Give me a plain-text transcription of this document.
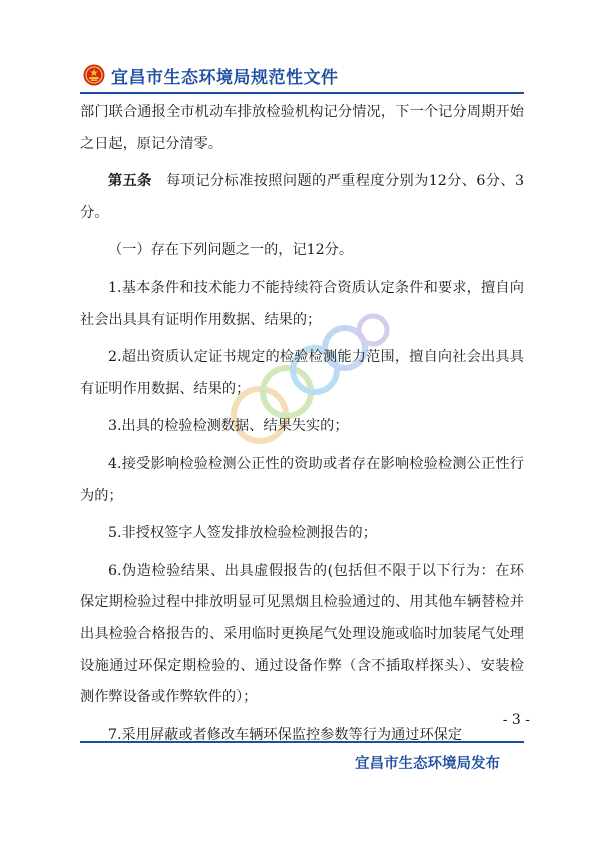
宜昌市生态环境局规范性文件

部门联合通报全市机动车排放检验机构记分情况，下一个记分周期开始之日起，原记分清零。

第五条 每项记分标准按照问题的严重程度分别为12分、6分、3分。

（一）存在下列问题之一的，记12分。

1.基本条件和技术能力不能持续符合资质认定条件和要求，擅自向社会出具具有证明作用数据、结果的；

2.超出资质认定证书规定的检验检测能力范围，擅自向社会出具具有证明作用数据、结果的；

3.出具的检验检测数据、结果失实的；

4.接受影响检验检测公正性的资助或者存在影响检验检测公正性行为的；

5.非授权签字人签发排放检验检测报告的；

6.伪造检验结果、出具虚假报告的(包括但不限于以下行为：在环保定期检验过程中排放明显可见黑烟且检验通过的、用其他车辆替检并出具检验合格报告的、采用临时更换尾气处理设施或临时加装尾气处理设施通过环保定期检验的、通过设备作弊（含不插取样探头）、安装检测作弊设备或作弊软件的）；

7.采用屏蔽或者修改车辆环保监控参数等行为通过环保定

- 3 -
宜昌市生态环境局发布
